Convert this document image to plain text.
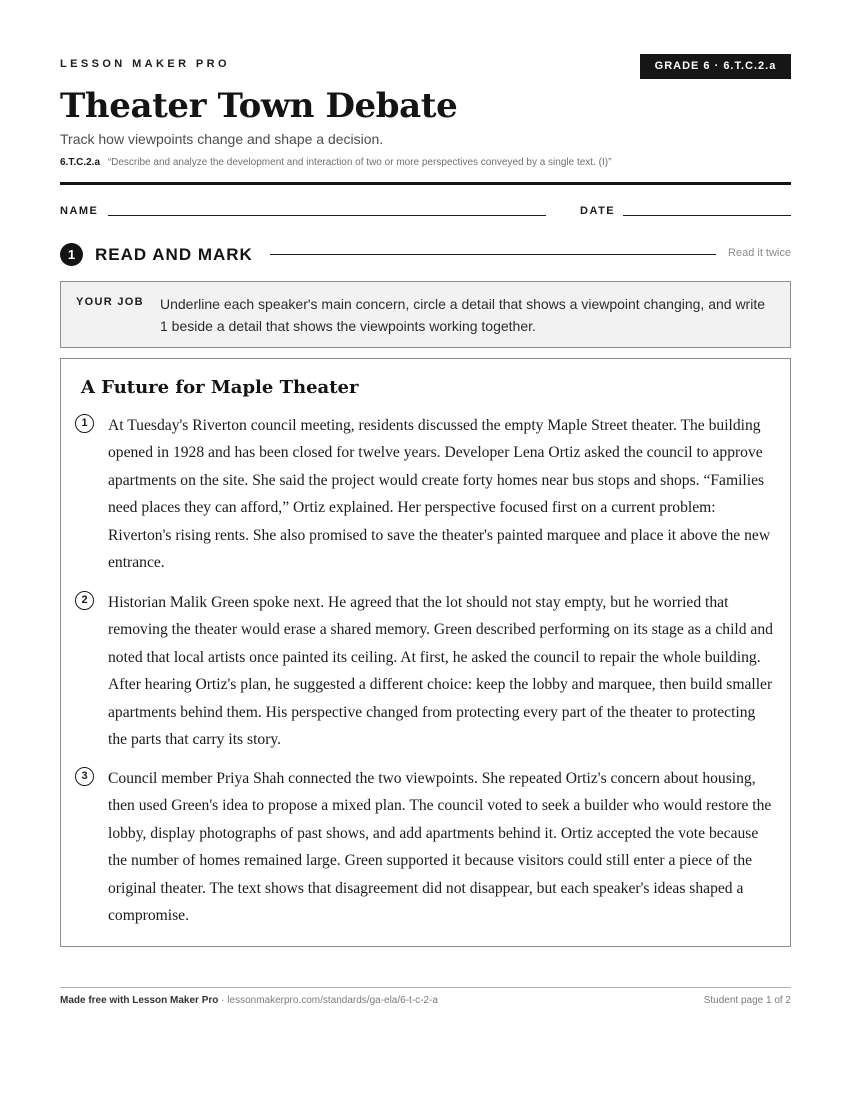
LESSON MAKER PRO	GRADE 6 · 6.T.C.2.a
Theater Town Debate
Track how viewpoints change and shape a decision.
6.T.C.2.a “Describe and analyze the development and interaction of two or more perspectives conveyed by a single text. (I)”
NAME	DATE
1	READ AND MARK	Read it twice
YOUR JOB Underline each speaker's main concern, circle a detail that shows a viewpoint changing, and write 1 beside a detail that shows the viewpoints working together.
A Future for Maple Theater
1	At Tuesday's Riverton council meeting, residents discussed the empty Maple Street theater. The building opened in 1928 and has been closed for twelve years. Developer Lena Ortiz asked the council to approve apartments on the site. She said the project would create forty homes near bus stops and shops. “Families need places they can afford,” Ortiz explained. Her perspective focused first on a current problem: Riverton's rising rents. She also promised to save the theater's painted marquee and place it above the new entrance.
2	Historian Malik Green spoke next. He agreed that the lot should not stay empty, but he worried that removing the theater would erase a shared memory. Green described performing on its stage as a child and noted that local artists once painted its ceiling. At first, he asked the council to repair the whole building. After hearing Ortiz's plan, he suggested a different choice: keep the lobby and marquee, then build smaller apartments behind them. His perspective changed from protecting every part of the theater to protecting the parts that carry its story.
3	Council member Priya Shah connected the two viewpoints. She repeated Ortiz's concern about housing, then used Green's idea to propose a mixed plan. The council voted to seek a builder who would restore the lobby, display photographs of past shows, and add apartments behind it. Ortiz accepted the vote because the number of homes remained large. Green supported it because visitors could still enter a piece of the original theater. The text shows that disagreement did not disappear, but each speaker's ideas shaped a compromise.
Made free with Lesson Maker Pro · lessonmakerpro.com/standards/ga-ela/6-t-c-2-a	Student page 1 of 2
